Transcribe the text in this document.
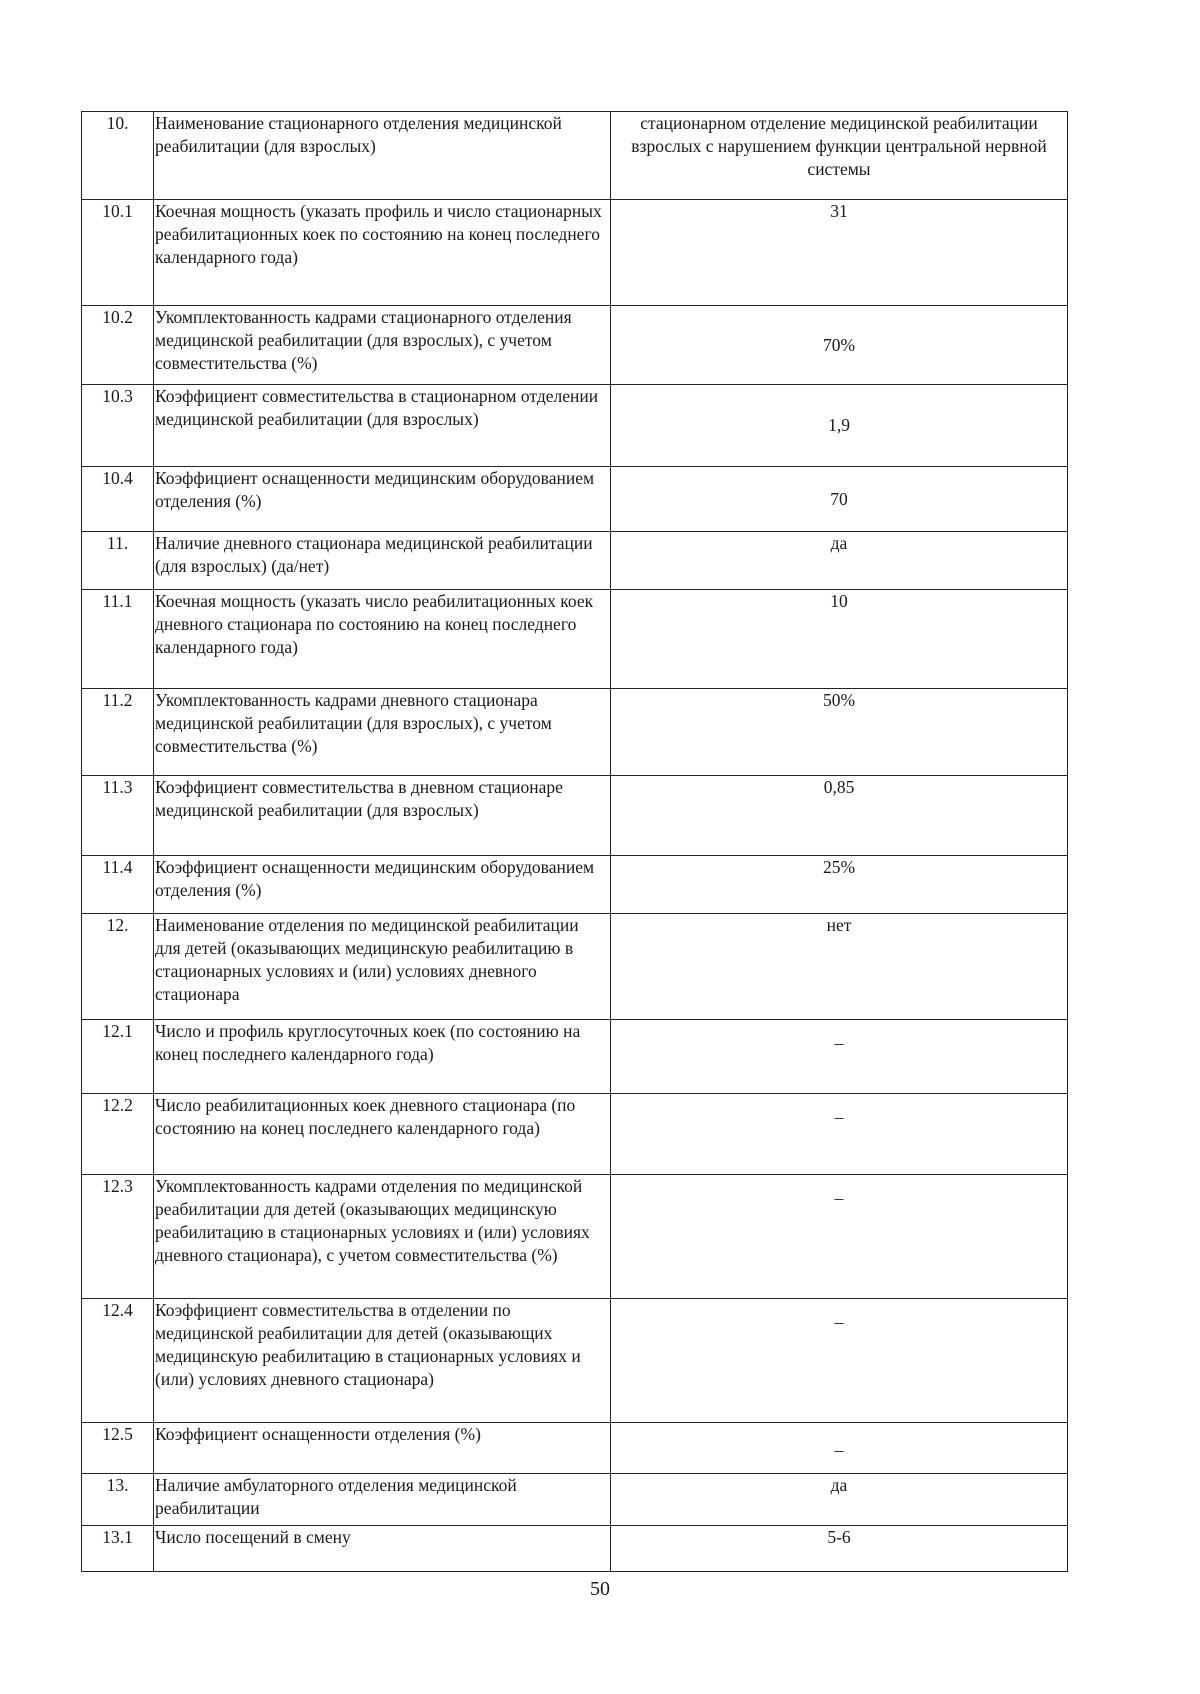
10.	Наименование стационарного отделения медицинской реабилитации (для взрослых)	стационарном отделение медицинской реабилитации взрослых с нарушением функции центральной нервной системы
10.1	Коечная мощность (указать профиль и число стационарных реабилитационных коек по состоянию на конец последнего календарного года)	31
10.2	Укомплектованность кадрами стационарного отделения медицинской реабилитации (для взрослых), с учетом совместительства (%)	70%
10.3	Коэффициент совместительства в стационарном отделении медицинской реабилитации (для взрослых)	1,9
10.4	Коэффициент оснащенности медицинским оборудованием отделения (%)	70
11.	Наличие дневного стационара медицинской реабилитации (для взрослых) (да/нет)	да
11.1	Коечная мощность (указать число реабилитационных коек дневного стационара по состоянию на конец последнего календарного года)	10
11.2	Укомплектованность кадрами дневного стационара медицинской реабилитации (для взрослых), с учетом совместительства (%)	50%
11.3	Коэффициент совместительства в дневном стационаре медицинской реабилитации (для взрослых)	0,85
11.4	Коэффициент оснащенности медицинским оборудованием отделения (%)	25%
12.	Наименование отделения по медицинской реабилитации для детей (оказывающих медицинскую реабилитацию в стационарных условиях и (или) условиях дневного стационара	нет
12.1	Число и профиль круглосуточных коек (по состоянию на конец последнего календарного года)	–
12.2	Число реабилитационных коек дневного стационара (по состоянию на конец последнего календарного года)	–
12.3	Укомплектованность кадрами отделения по медицинской реабилитации для детей (оказывающих медицинскую реабилитацию в стационарных условиях и (или) условиях дневного стационара), с учетом совместительства (%)	–
12.4	Коэффициент совместительства в отделении по медицинской реабилитации для детей (оказывающих медицинскую реабилитацию в стационарных условиях и (или) условиях дневного стационара)	–
12.5	Коэффициент оснащенности отделения (%)	–
13.	Наличие амбулаторного отделения медицинской реабилитации	да
13.1	Число посещений в смену	5-6
50
